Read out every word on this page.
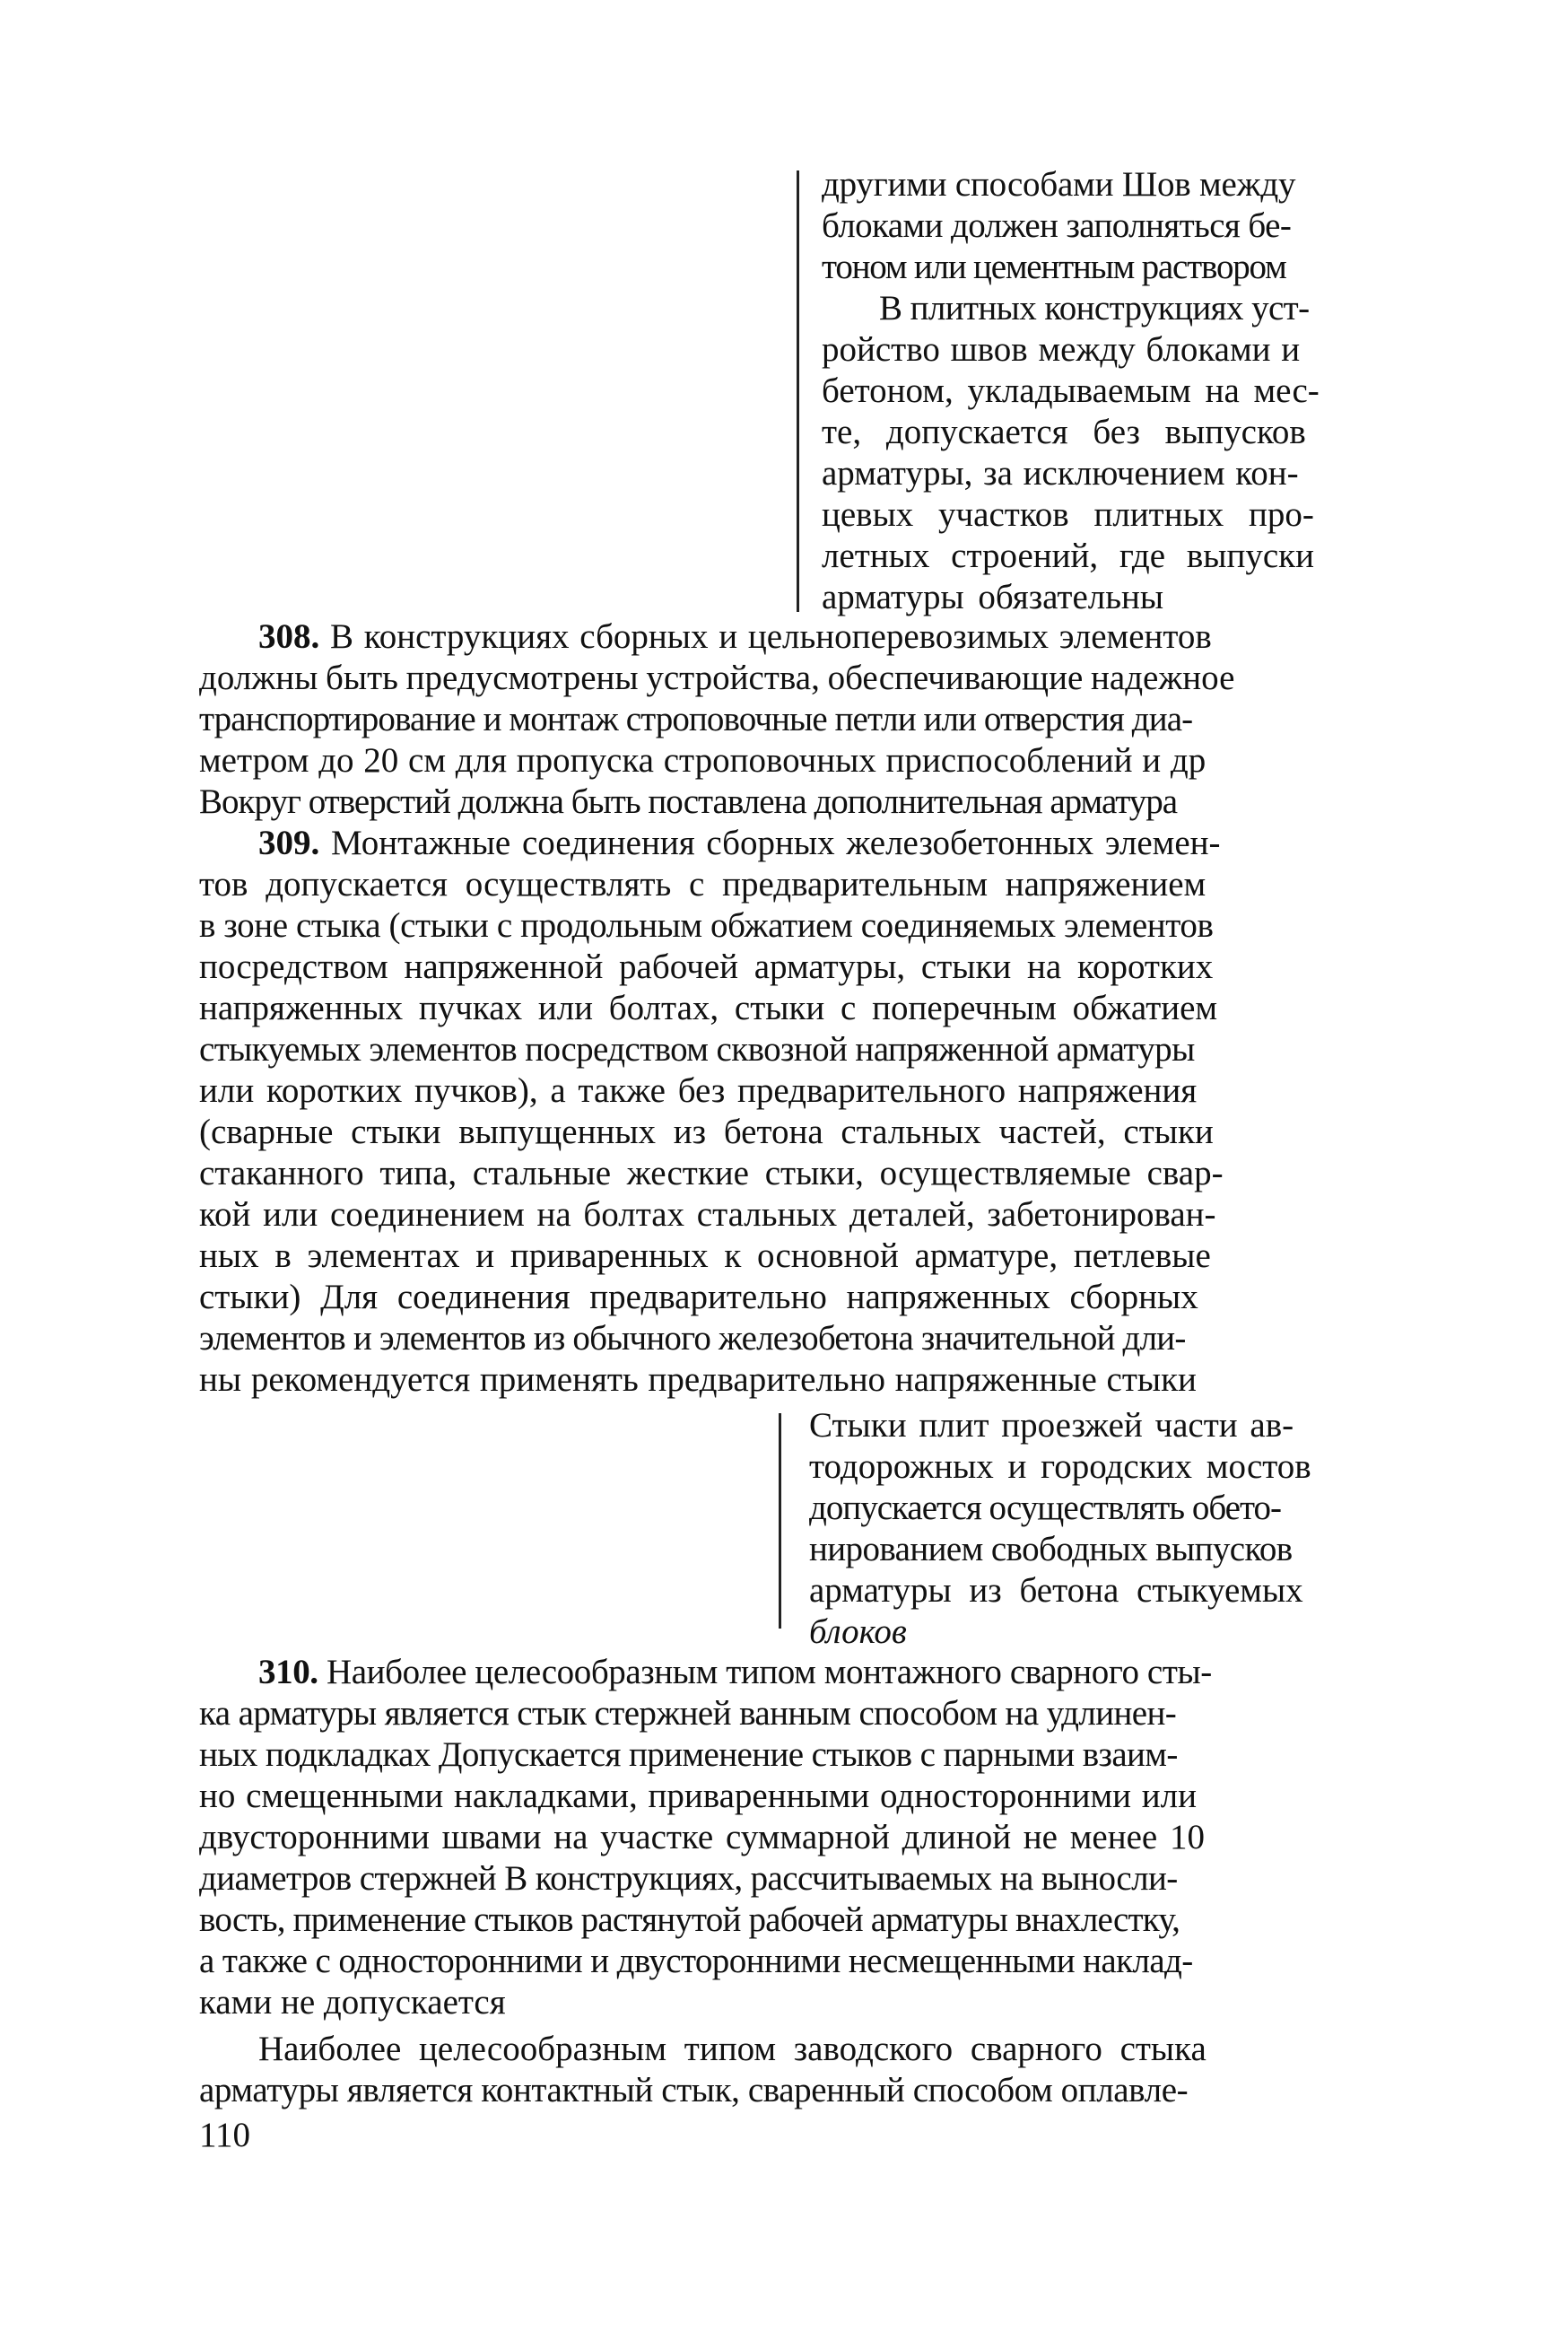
другими способами Шов между
блоками должен заполняться бе-
тоном или цементным раствором
В плитных конструкциях уст-
ройство швов между блоками и
бетоном, укладываемым на мес-
те, допускается без выпусков
арматуры, за исключением кон-
цевых участков плитных про-
летных строений, где выпуски
арматуры обязательны
308. В конструкциях сборных и цельноперевозимых элементов
должны быть предусмотрены устройства, обеспечивающие надежное
транспортирование и монтаж строповочные петли или отверстия диа-
метром до 20 см для пропуска строповочных приспособлений и др
Вокруг отверстий должна быть поставлена дополнительная арматура
309. Монтажные соединения сборных железобетонных элемен-
тов допускается осуществлять с предварительным напряжением
в зоне стыка (стыки с продольным обжатием соединяемых элементов
посредством напряженной рабочей арматуры, стыки на коротких
напряженных пучках или болтах, стыки с поперечным обжатием
стыкуемых элементов посредством сквозной напряженной арматуры
или коротких пучков), а также без предварительного напряжения
(сварные стыки выпущенных из бетона стальных частей, стыки
стаканного типа, стальные жесткие стыки, осуществляемые свар-
кой или соединением на болтах стальных деталей, забетонирован-
ных в элементах и приваренных к основной арматуре, петлевые
стыки) Для соединения предварительно напряженных сборных
элементов и элементов из обычного железобетона значительной дли-
ны рекомендуется применять предварительно напряженные стыки
Стыки плит проезжей части ав-
тодорожных и городских мостов
допускается осуществлять обето-
нированием свободных выпусков
арматуры из бетона стыкуемых
блоков
310. Наиболее целесообразным типом монтажного сварного сты-
ка арматуры является стык стержней ванным способом на удлинен-
ных подкладках Допускается применение стыков с парными взаим-
но смещенными накладками, приваренными односторонними или
двусторонними швами на участке суммарной длиной не менее 10
диаметров стержней В конструкциях, рассчитываемых на выносли-
вость, применение стыков растянутой рабочей арматуры внахлестку,
а также с односторонними и двусторонними несмещенными наклад-
ками не допускается
Наиболее целесообразным типом заводского сварного стыка
арматуры является контактный стык, сваренный способом оплавле-
110
